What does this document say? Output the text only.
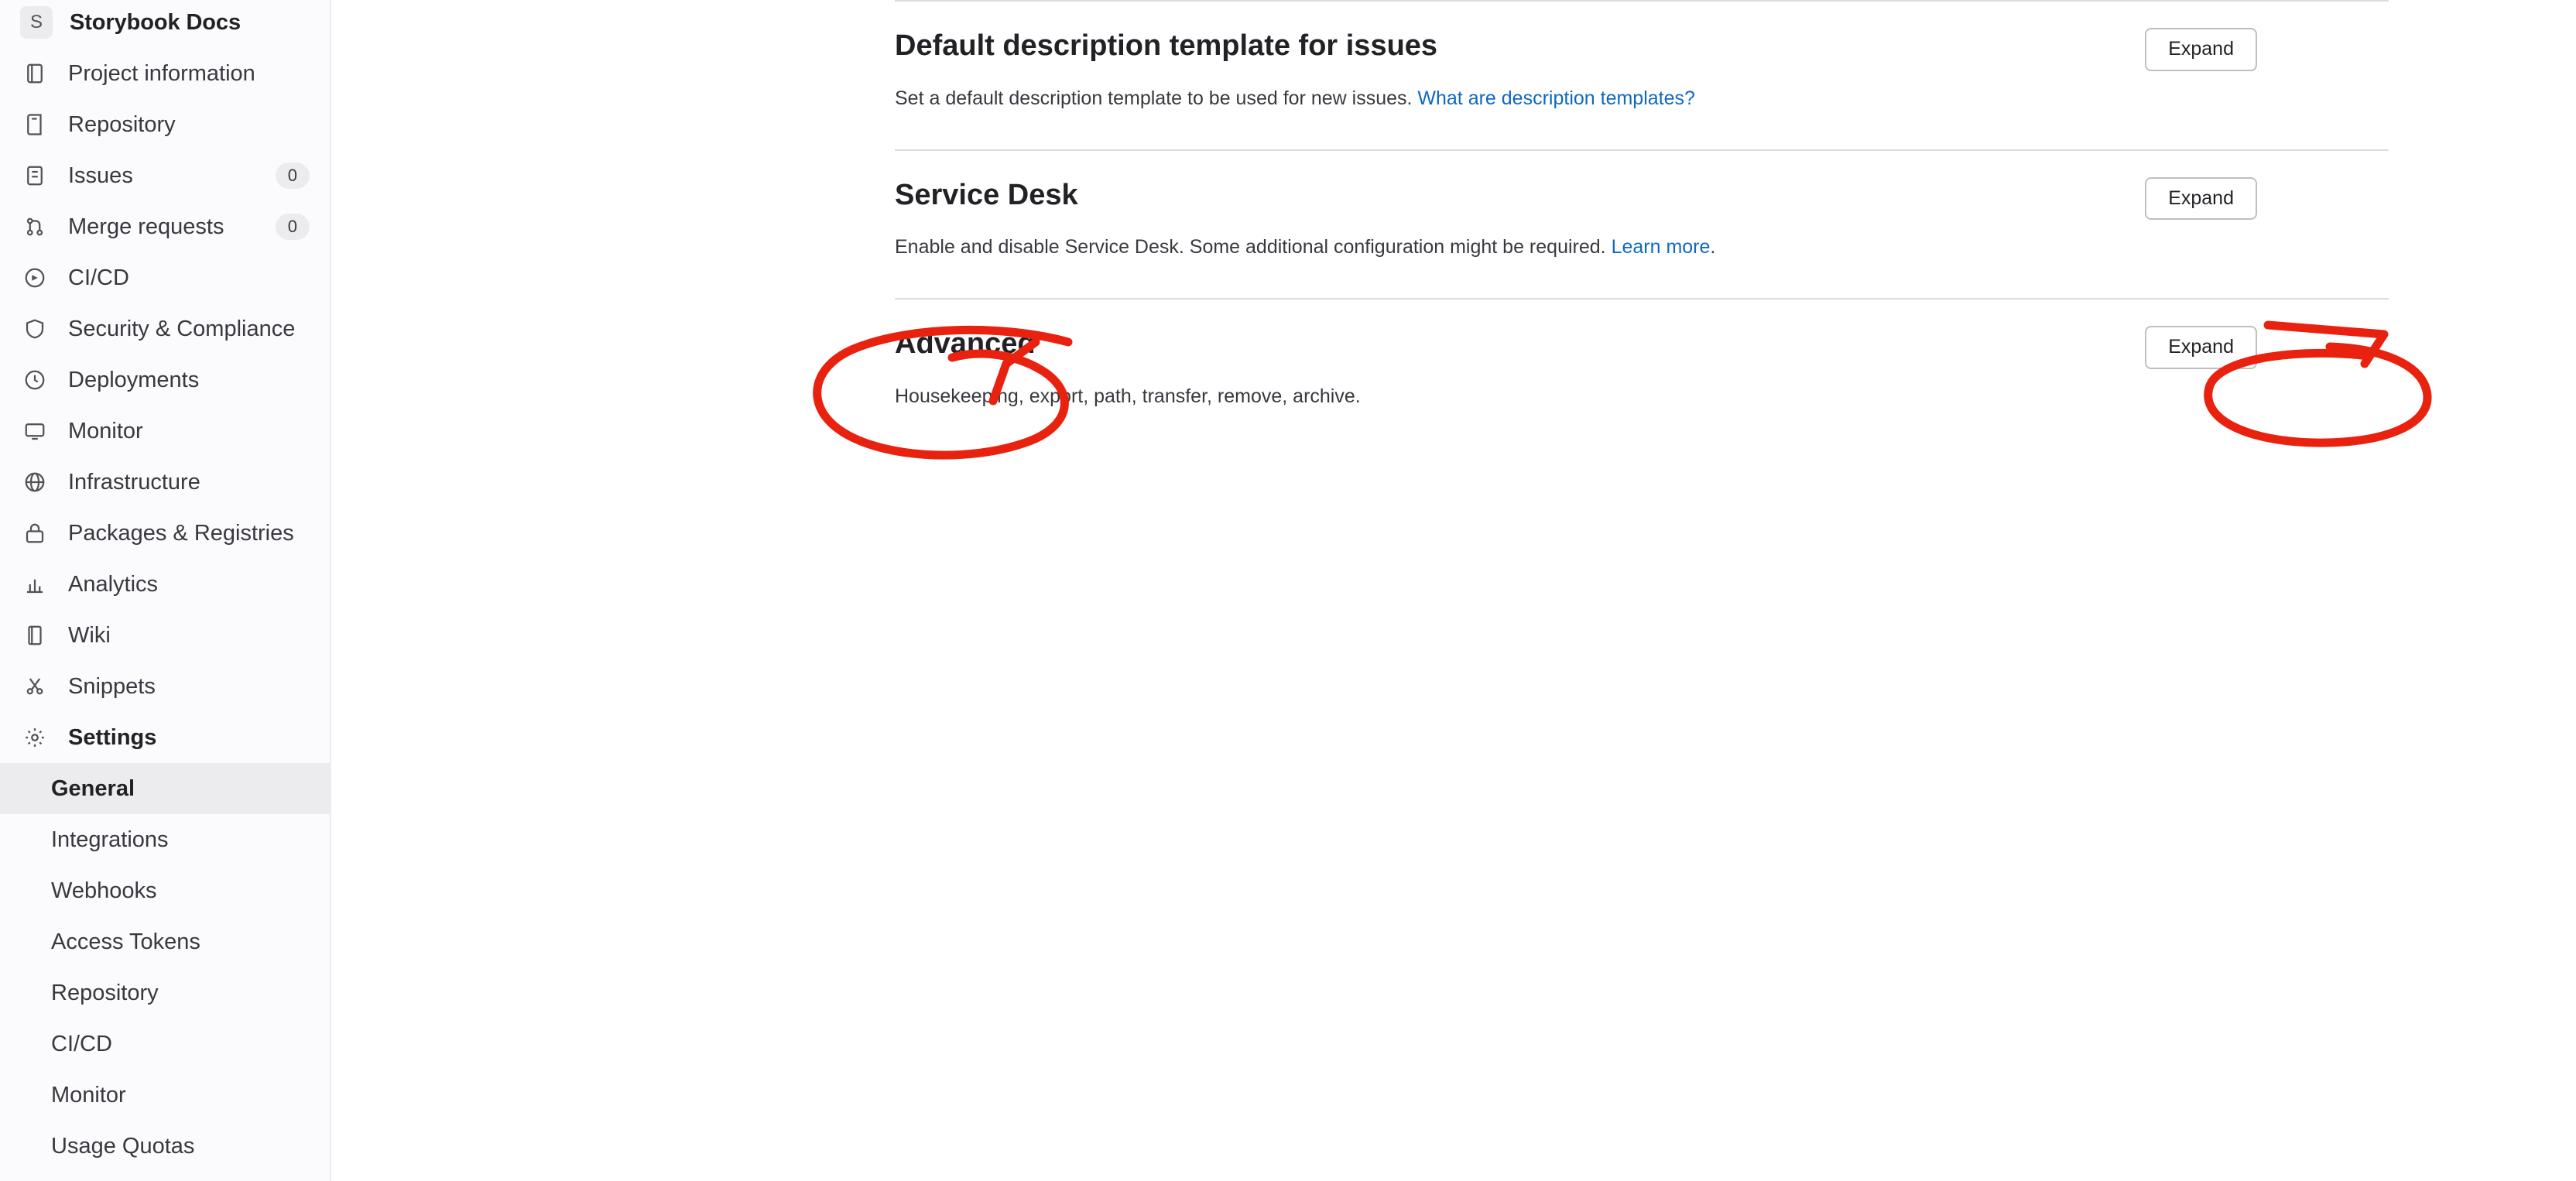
S	Storybook Docs
Project information
Repository
Issues	0
Merge requests	0
CI/CD
Security & Compliance
Deployments
Monitor
Infrastructure
Packages & Registries
Analytics
Wiki
Snippets
Settings
General
Integrations
Webhooks
Access Tokens
Repository
CI/CD
Monitor
Usage Quotas
Default description template for issues	Expand

Set a default description template to be used for new issues. What are description templates?

Service Desk	Expand

Enable and disable Service Desk. Some additional configuration might be required. Learn more.

Advanced	Expand

Housekeeping, export, path, transfer, remove, archive.
